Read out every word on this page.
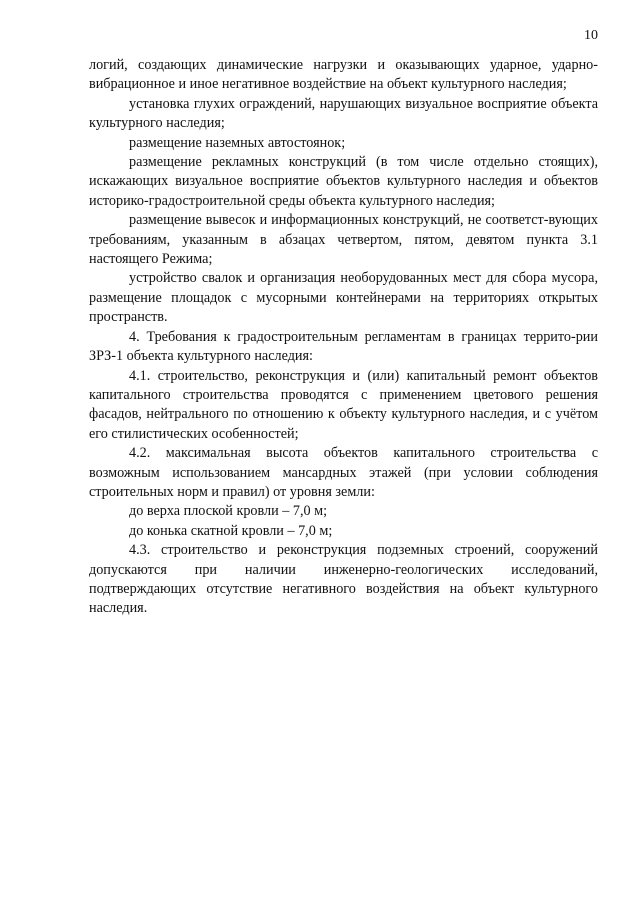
10

логий, создающих динамические нагрузки и оказывающих ударное, ударно-вибрационное и иное негативное воздействие на объект культурного наследия;

установка глухих ограждений, нарушающих визуальное восприятие объекта культурного наследия;

размещение наземных автостоянок;

размещение рекламных конструкций (в том числе отдельно стоящих), искажающих визуальное восприятие объектов культурного наследия и объектов историко-градостроительной среды объекта культурного наследия;

размещение вывесок и информационных конструкций, не соответст-вующих требованиям, указанным в абзацах четвертом, пятом, девятом пункта 3.1 настоящего Режима;

устройство свалок и организация необорудованных мест для сбора мусора, размещение площадок с мусорными контейнерами на территориях открытых пространств.

4. Требования к градостроительным регламентам в границах террито-рии ЗРЗ-1 объекта культурного наследия:

4.1. строительство, реконструкция и (или) капитальный ремонт объектов капитального строительства проводятся с применением цветового решения фасадов, нейтрального по отношению к объекту культурного наследия, и с учётом его стилистических особенностей;

4.2. максимальная высота объектов капитального строительства с возможным использованием мансардных этажей (при условии соблюдения строительных норм и правил) от уровня земли:

до верха плоской кровли – 7,0 м;

до конька скатной кровли – 7,0 м;

4.3. строительство и реконструкция подземных строений, сооружений допускаются при наличии инженерно-геологических исследований, подтверждающих отсутствие негативного воздействия на объект культурного наследия.
